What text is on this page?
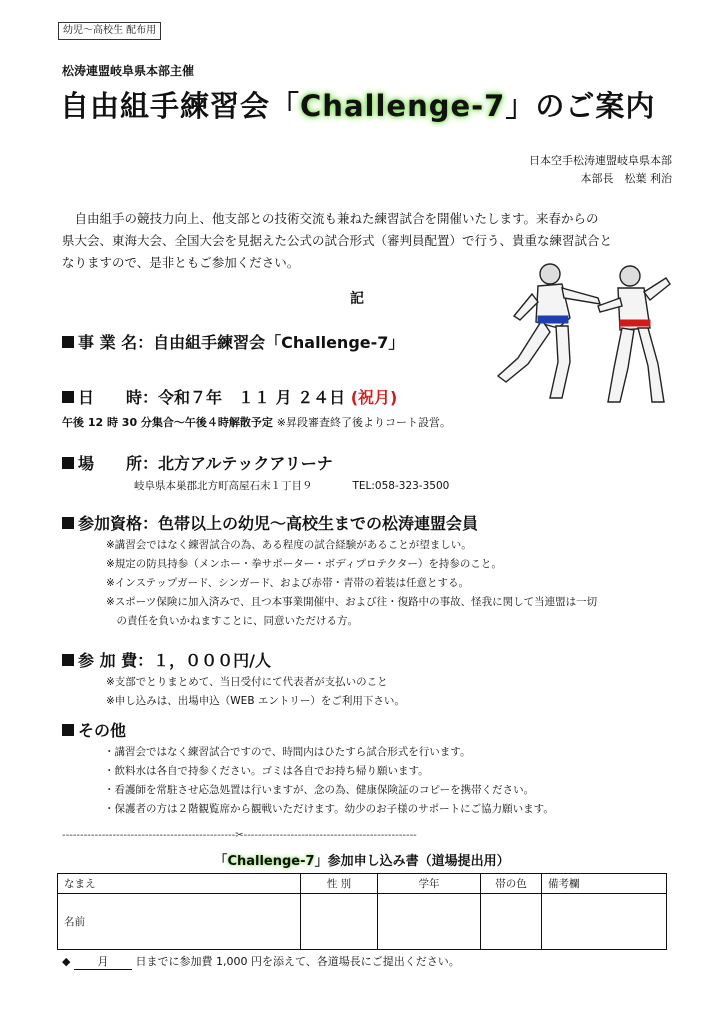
幼児～高校生 配布用
松涛連盟岐阜県本部主催
自由組手練習会「Challenge-7」のご案内
日本空手松涛連盟岐阜県本部
本部長　松葉 利治

自由組手の競技力向上、他支部との技術交流も兼ねた練習試合を開催いたします。来春からの

県大会、東海大会、全国大会を見据えた公式の試合形式（審判員配置）で行う、貴重な練習試合と

なりますので、是非ともご参加ください。

記
事 業 名：自由組手練習会「Challenge-7」
日　　時：令和７年　１１ 月 ２４日 (祝月)
午後 12 時 30 分集合～午後４時解散予定 ※昇段審査終了後よりコート設営。
場　　所：北方アルテックアリーナ
岐阜県本巣郡北方町高屋石末１丁目９	TEL:058-323-3500
参加資格：色帯以上の幼児～高校生までの松涛連盟会員
※講習会ではなく練習試合の為、ある程度の試合経験があることが望ましい。
※規定の防具持参（メンホー・拳サポーター・ボディプロテクター）を持参のこと。
※インステップガード、シンガード、および赤帯・青帯の着装は任意とする。
※スポーツ保険に加入済みで、且つ本事業開催中、および往・復路中の事故、怪我に関して当連盟は一切
　の責任を負いかねますことに、同意いただける方。
参 加 費：１，０００円/人
※支部でとりまとめて、当日受付にて代表者が支払いのこと
※申し込みは、出場申込（WEB エントリー）をご利用下さい。
その他
・講習会ではなく練習試合ですので、時間内はひたすら試合形式を行います。
・飲料水は各自で持参ください。ゴミは各自でお持ち帰り願います。
・看護師を常駐させ応急処置は行いますが、念の為、健康保険証のコピーを携帯ください。
・保護者の方は２階観覧席から観戦いただけます。幼少のお子様のサポートにご協力願います。
------------------------------------------------✂------------------------------------------------
「Challenge-7」参加申し込み書（道場提出用）
なまえ	性 別	学年	帯の色	備考欄
名前				
◆ 月 日までに参加費 1,000 円を添えて、各道場長にご提出ください。
